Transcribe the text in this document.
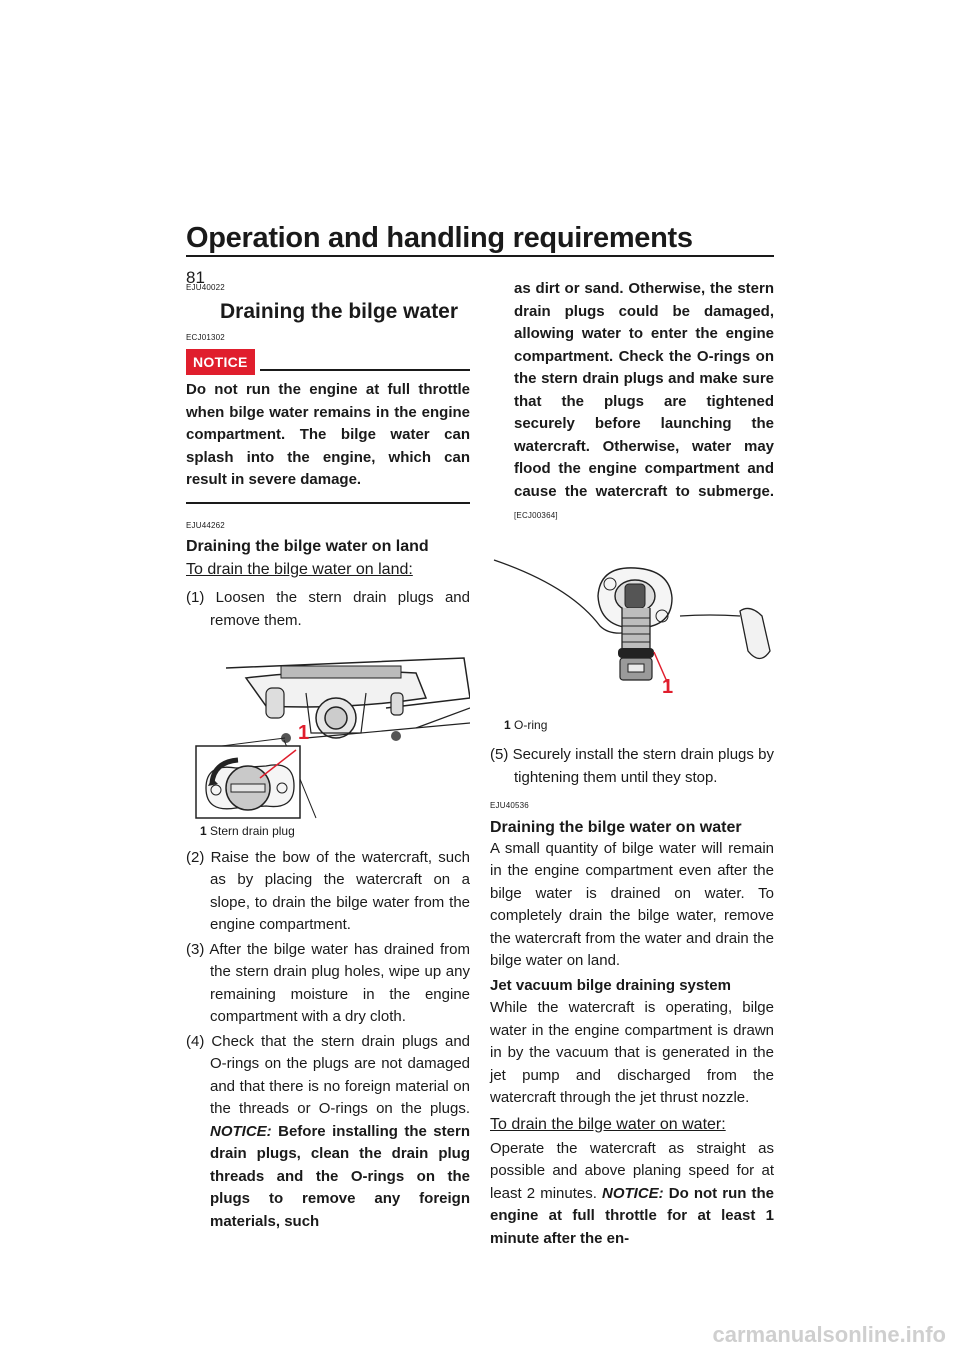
Operation and handling requirements
81
EJU40022
Draining the bilge water
ECJ01302
NOTICE
Do not run the engine at full throttle when bilge water remains in the engine compartment. The bilge water can splash into the engine, which can result in severe damage.
EJU44262
Draining the bilge water on land
To drain the bilge water on land:
(1) Loosen the stern drain plugs and remove them.
1
1 Stern drain plug
(2) Raise the bow of the watercraft, such as by placing the watercraft on a slope, to drain the bilge water from the engine compartment.
(3) After the bilge water has drained from the stern drain plug holes, wipe up any remaining moisture in the engine compartment with a dry cloth.
(4) Check that the stern drain plugs and O-rings on the plugs are not damaged and that there is no foreign material on the threads or O-rings on the plugs. NOTICE: Before installing the stern drain plugs, clean the drain plug threads and the O-rings on the plugs to remove any foreign materials, such
as dirt or sand. Otherwise, the stern drain plugs could be damaged, allowing water to enter the engine compartment. Check the O-rings on the stern drain plugs and make sure that the plugs are tightened securely before launching the watercraft. Otherwise, water may flood the engine compartment and cause the watercraft to submerge. [ECJ00364]
1
1 O-ring
(5) Securely install the stern drain plugs by tightening them until they stop.
EJU40536
Draining the bilge water on water
A small quantity of bilge water will remain in the engine compartment even after the bilge water is drained on water. To completely drain the bilge water, remove the watercraft from the water and drain the bilge water on land.
Jet vacuum bilge draining system
While the watercraft is operating, bilge water in the engine compartment is drawn in by the vacuum that is generated in the jet pump and discharged from the watercraft through the jet thrust nozzle.
To drain the bilge water on water:
Operate the watercraft as straight as possible and above planing speed for at least 2 minutes. NOTICE: Do not run the engine at full throttle for at least 1 minute after the en-
carmanualsonline.info
